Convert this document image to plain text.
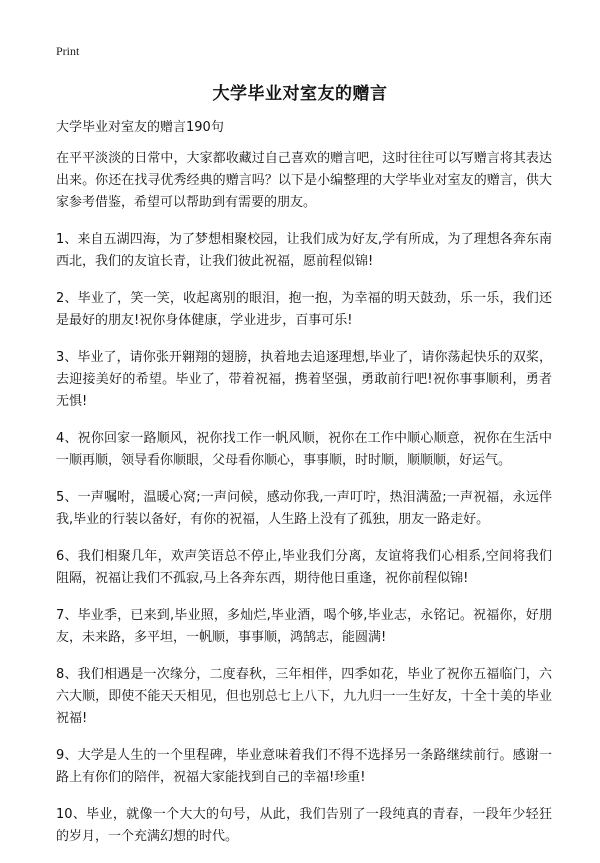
Print
大学毕业对室友的赠言

大学毕业对室友的赠言190句

在平平淡淡的日常中，大家都收藏过自己喜欢的赠言吧，这时往往可以写赠言将其表达出来。你还在找寻优秀经典的赠言吗？以下是小编整理的大学毕业对室友的赠言，供大家参考借鉴，希望可以帮助到有需要的朋友。

1、来自五湖四海，为了梦想相聚校园，让我们成为好友,学有所成，为了理想各奔东南西北，我们的友谊长青，让我们彼此祝福，愿前程似锦!

2、毕业了，笑一笑，收起离别的眼泪，抱一抱，为幸福的明天鼓劲，乐一乐，我们还是最好的朋友!祝你身体健康，学业进步，百事可乐!

3、毕业了，请你张开翱翔的翅膀，执着地去追逐理想,毕业了，请你荡起快乐的双桨，去迎接美好的希望。毕业了，带着祝福，携着坚强，勇敢前行吧!祝你事事顺利，勇者无惧!

4、祝你回家一路顺风，祝你找工作一帆风顺，祝你在工作中顺心顺意，祝你在生活中一顺再顺，领导看你顺眼，父母看你顺心，事事顺，时时顺，顺顺顺，好运气。

5、一声嘱咐，温暖心窝;一声问候，感动你我,一声叮咛，热泪满盈;一声祝福，永远伴我,毕业的行装以备好，有你的祝福，人生路上没有了孤独，朋友一路走好。

6、我们相聚几年，欢声笑语总不停止,毕业我们分离，友谊将我们心相系,空间将我们阻隔，祝福让我们不孤寂,马上各奔东西，期待他日重逢，祝你前程似锦!

7、毕业季，已来到,毕业照，多灿烂,毕业酒，喝个够,毕业志，永铭记。祝福你，好朋友，未来路，多平坦，一帆顺，事事顺，鸿鹄志，能圆满!

8、我们相遇是一次缘分，二度春秋，三年相伴，四季如花，毕业了祝你五福临门，六六大顺，即使不能天天相见，但也别总七上八下，九九归一一生好友，十全十美的毕业祝福!

9、大学是人生的一个里程碑，毕业意味着我们不得不选择另一条路继续前行。感谢一路上有你们的陪伴，祝福大家能找到自己的幸福!珍重!

10、毕业，就像一个大大的句号，从此，我们告别了一段纯真的青春，一段年少轻狂的岁月，一个充满幻想的时代。
